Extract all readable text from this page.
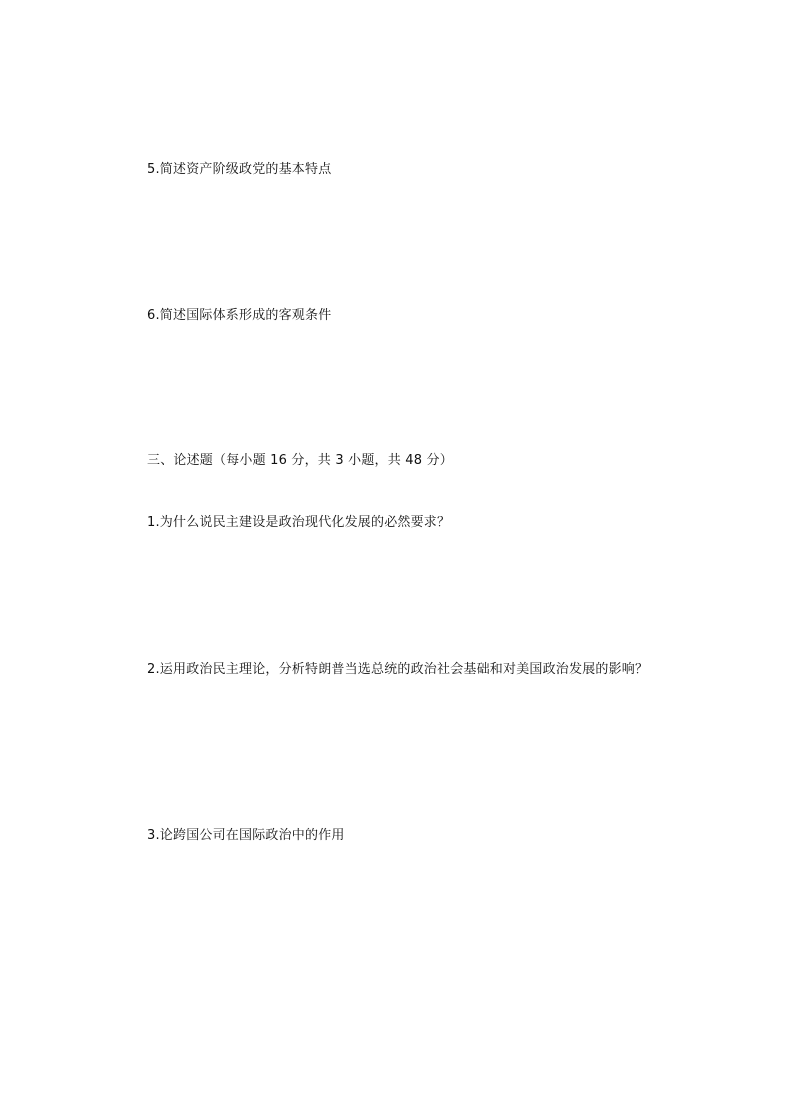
5.简述资产阶级政党的基本特点
6.简述国际体系形成的客观条件
三、论述题（每小题 16 分，共 3 小题，共 48 分）
1.为什么说民主建设是政治现代化发展的必然要求？
2.运用政治民主理论，分析特朗普当选总统的政治社会基础和对美国政治发展的影响？
3.论跨国公司在国际政治中的作用
